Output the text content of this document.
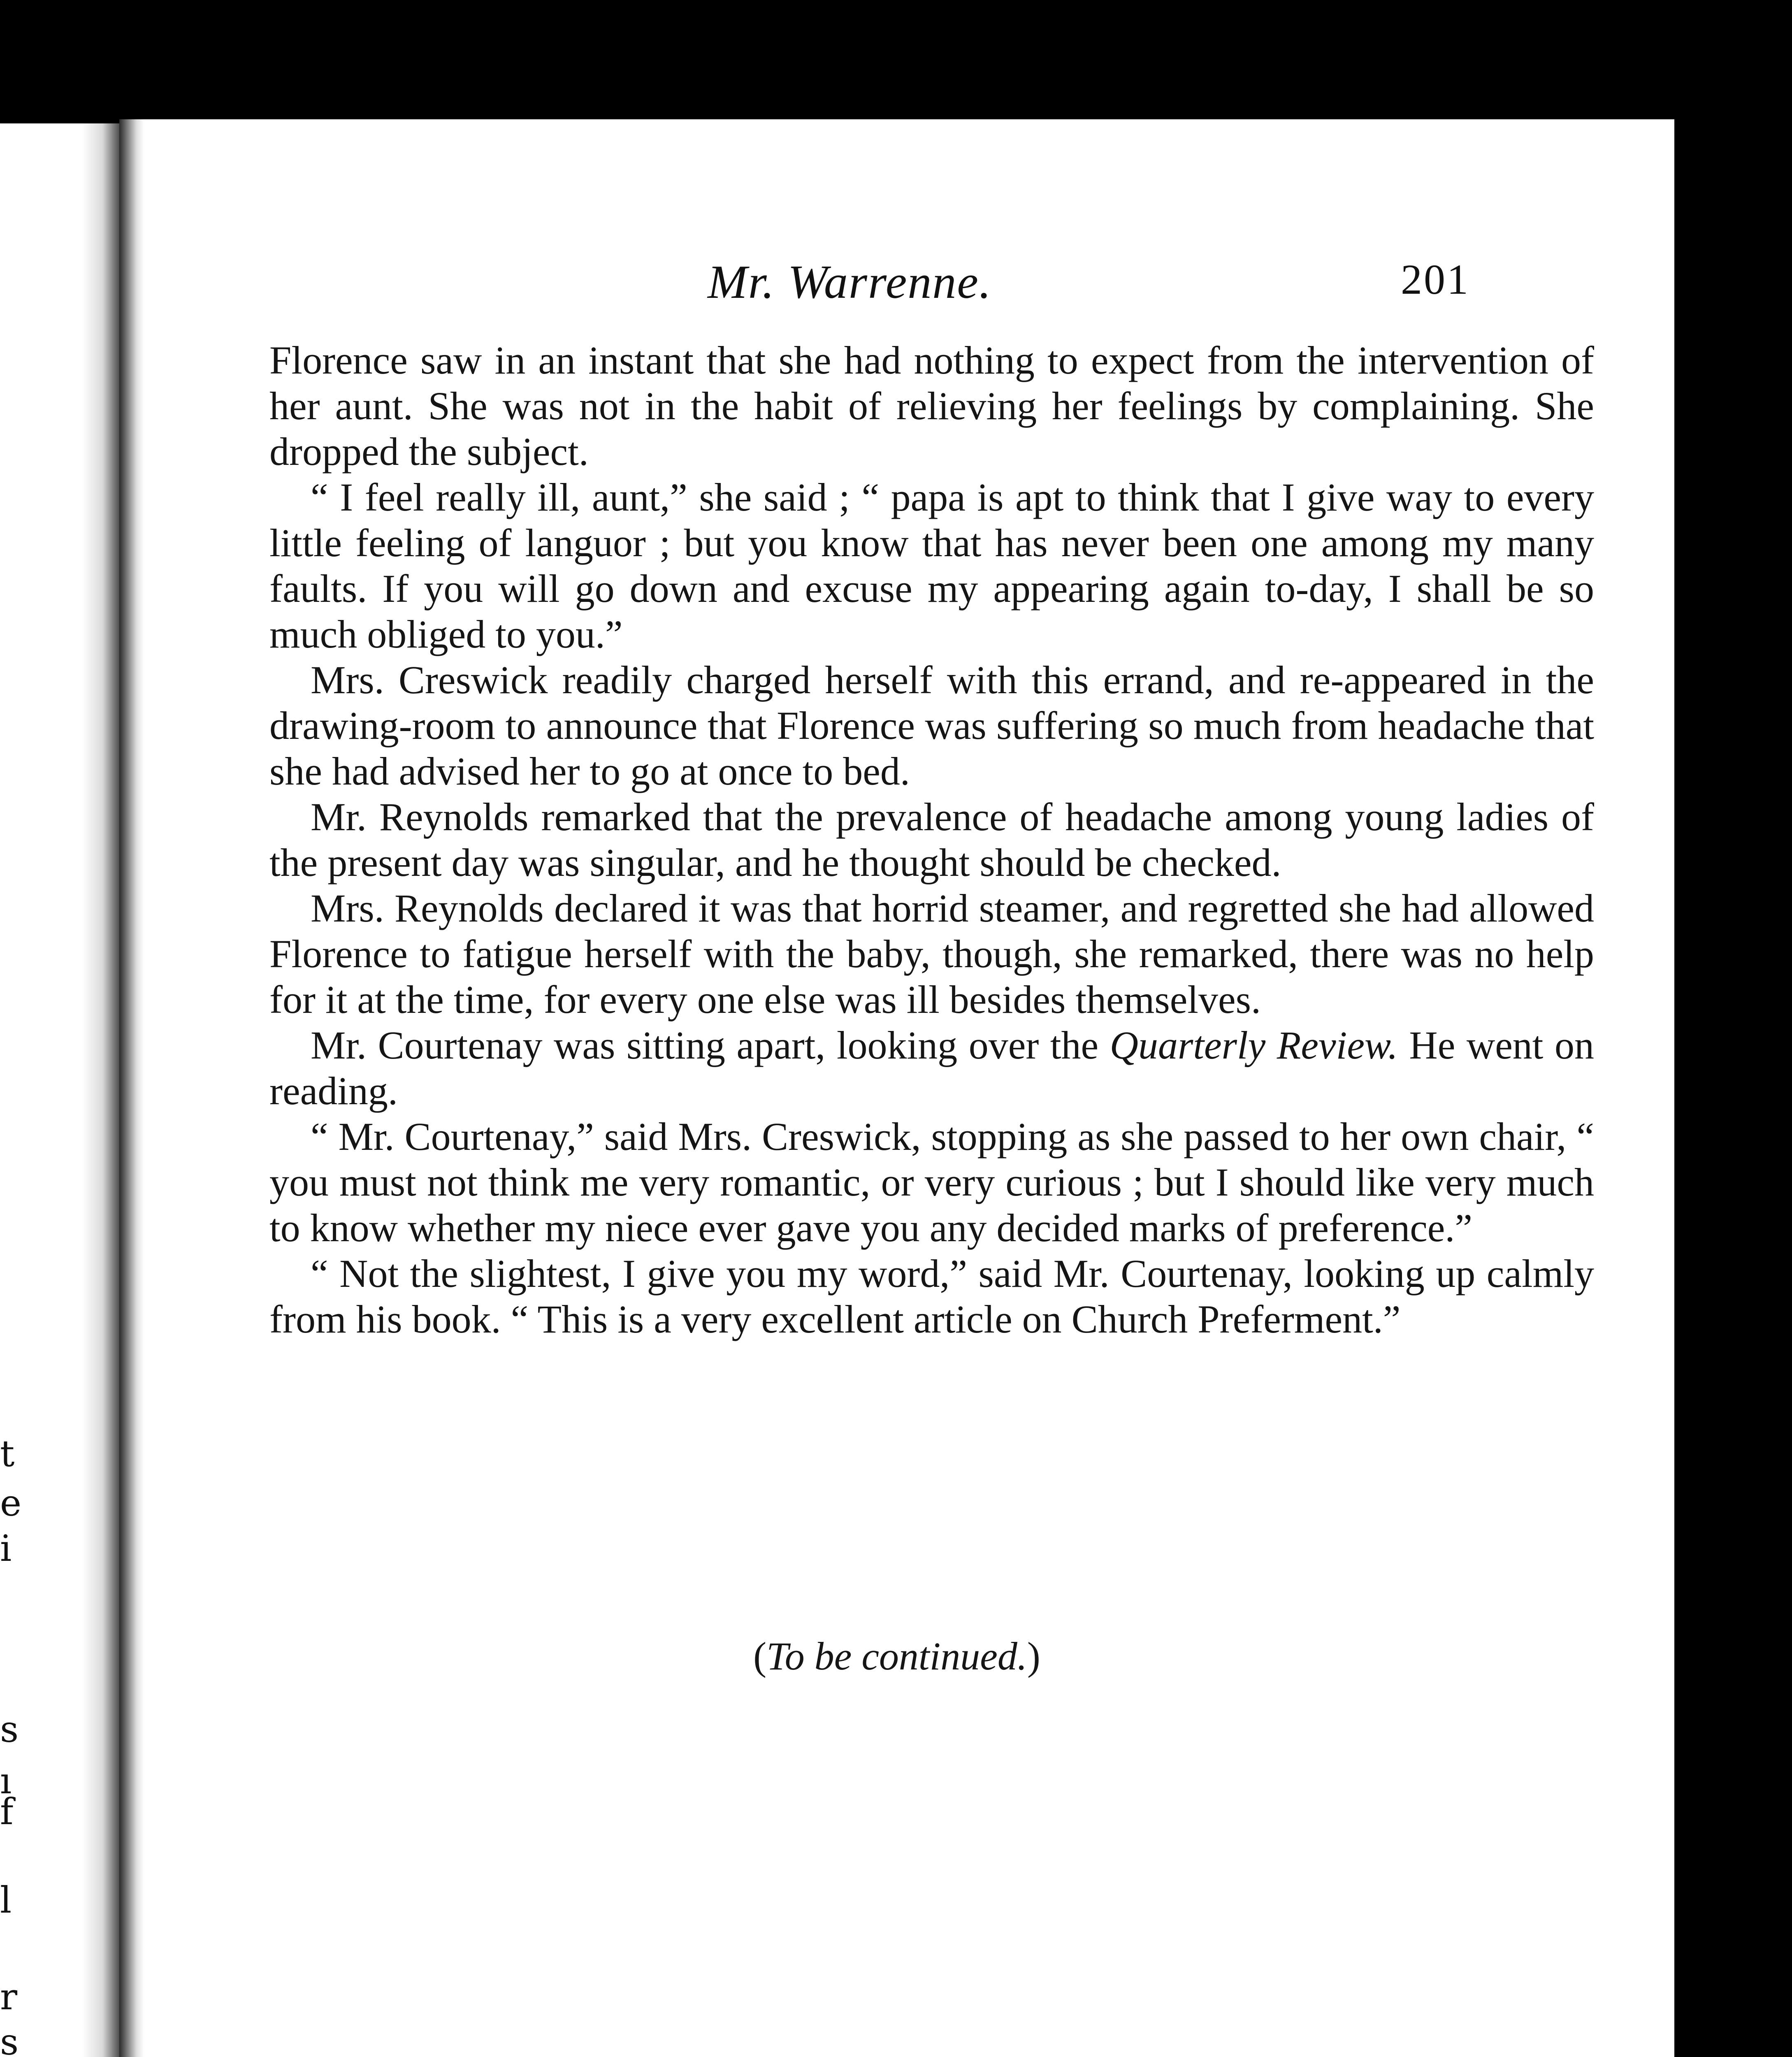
t
e
i
s
ı
f
l
r
s
Mr. Warrenne.	201

Florence saw in an instant that she had nothing to expect from the intervention of her aunt. She was not in the habit of relieving her feelings by complaining. She dropped the subject.

“ I feel really ill, aunt,” she said ; “ papa is apt to think that I give way to every little feeling of languor ; but you know that has never been one among my many faults. If you will go down and excuse my appearing again to-day, I shall be so much obliged to you.”

Mrs. Creswick readily charged herself with this errand, and re-appeared in the drawing-room to announce that Florence was suffering so much from headache that she had advised her to go at once to bed.

Mr. Reynolds remarked that the prevalence of headache among young ladies of the present day was singular, and he thought should be checked.

Mrs. Reynolds declared it was that horrid steamer, and regretted she had allowed Florence to fatigue herself with the baby, though, she remarked, there was no help for it at the time, for every one else was ill besides themselves.

Mr. Courtenay was sitting apart, looking over the Quarterly Review. He went on reading.

“ Mr. Courtenay,” said Mrs. Creswick, stopping as she passed to her own chair, “ you must not think me very romantic, or very curious ; but I should like very much to know whether my niece ever gave you any decided marks of preference.”

“ Not the slightest, I give you my word,” said Mr. Courtenay, looking up calmly from his book. “ This is a very excellent article on Church Preferment.”

(To be continued.)
